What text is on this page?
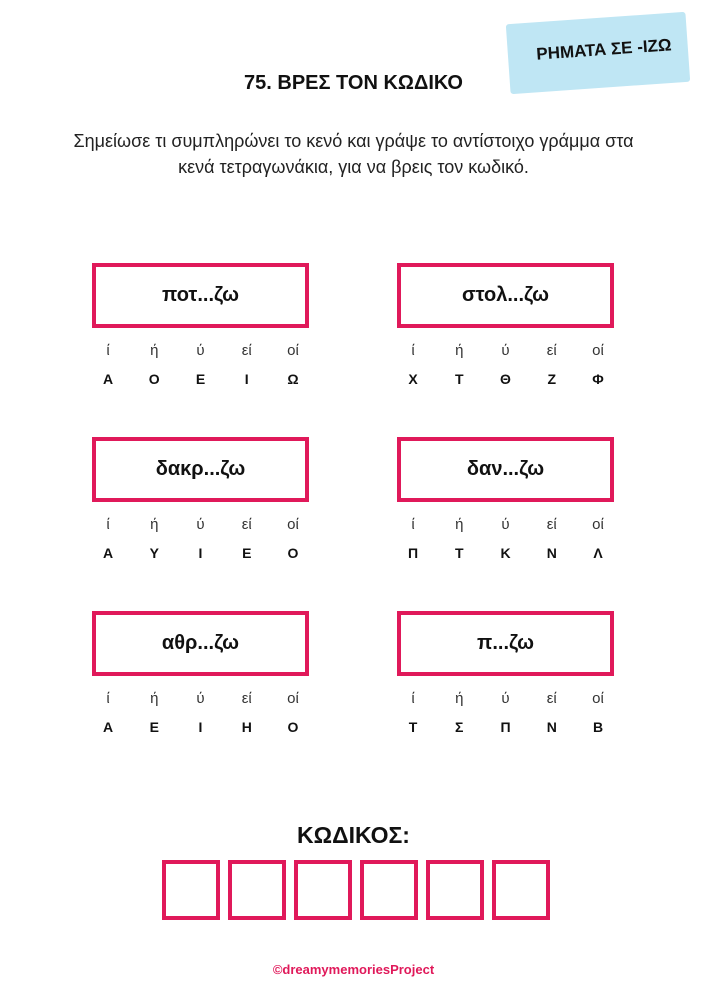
ΡΗΜΑΤΑ ΣΕ -ΙΖΩ
75. ΒΡΕΣ ΤΟΝ ΚΩΔΙΚΟ
Σημείωσε τι συμπληρώνει το κενό και γράψε το αντίστοιχο γράμμα στα κενά τετραγωνάκια, για να βρεις τον κωδικό.
ποτ...ζω
ί	ή	ύ	εί	οί
Α	Ο	Ε	Ι	Ω
στολ...ζω
ί	ή	ύ	εί	οί
Χ	Τ	Θ	Ζ	Φ
δακρ...ζω
ί	ή	ύ	εί	οί
Α	Υ	Ι	Ε	Ο
δαν...ζω
ί	ή	ύ	εί	οί
Π	Τ	Κ	Ν	Λ
αθρ...ζω
ί	ή	ύ	εί	οί
Α	Ε	Ι	Η	Ο
π...ζω
ί	ή	ύ	εί	οί
Τ	Σ	Π	Ν	Β
ΚΩΔΙΚΟΣ:
©dreamymemoriesProject
